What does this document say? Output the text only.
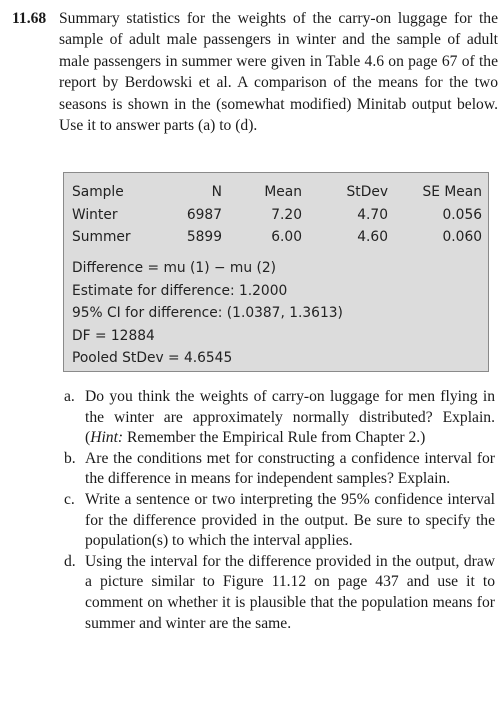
11.68 Summary statistics for the weights of the carry-on luggage for the sample of adult male passengers in winter and the sample of adult male passengers in summer were given in Table 4.6 on page 67 of the report by Berdowski et al. A comparison of the means for the two seasons is shown in the (somewhat modified) Minitab output below. Use it to answer parts (a) to (d).

Sample	N	Mean	StDev	SE Mean
Winter	6987	7.20	4.70	0.056
Summer	5899	6.00	4.60	0.060
Difference = mu (1) − mu (2)
Estimate for difference: 1.2000
95% CI for difference: (1.0387, 1.3613)
DF = 12884
Pooled StDev = 4.6545
a. Do you think the weights of carry-on luggage for men flying in the winter are approximately normally distributed? Explain. (Hint: Remember the Empirical Rule from Chapter 2.)
b. Are the conditions met for constructing a confidence interval for the difference in means for independent samples? Explain.
c. Write a sentence or two interpreting the 95% confidence interval for the difference provided in the output. Be sure to specify the population(s) to which the interval applies.
d. Using the interval for the difference provided in the output, draw a picture similar to Figure 11.12 on page 437 and use it to comment on whether it is plausible that the population means for summer and winter are the same.
